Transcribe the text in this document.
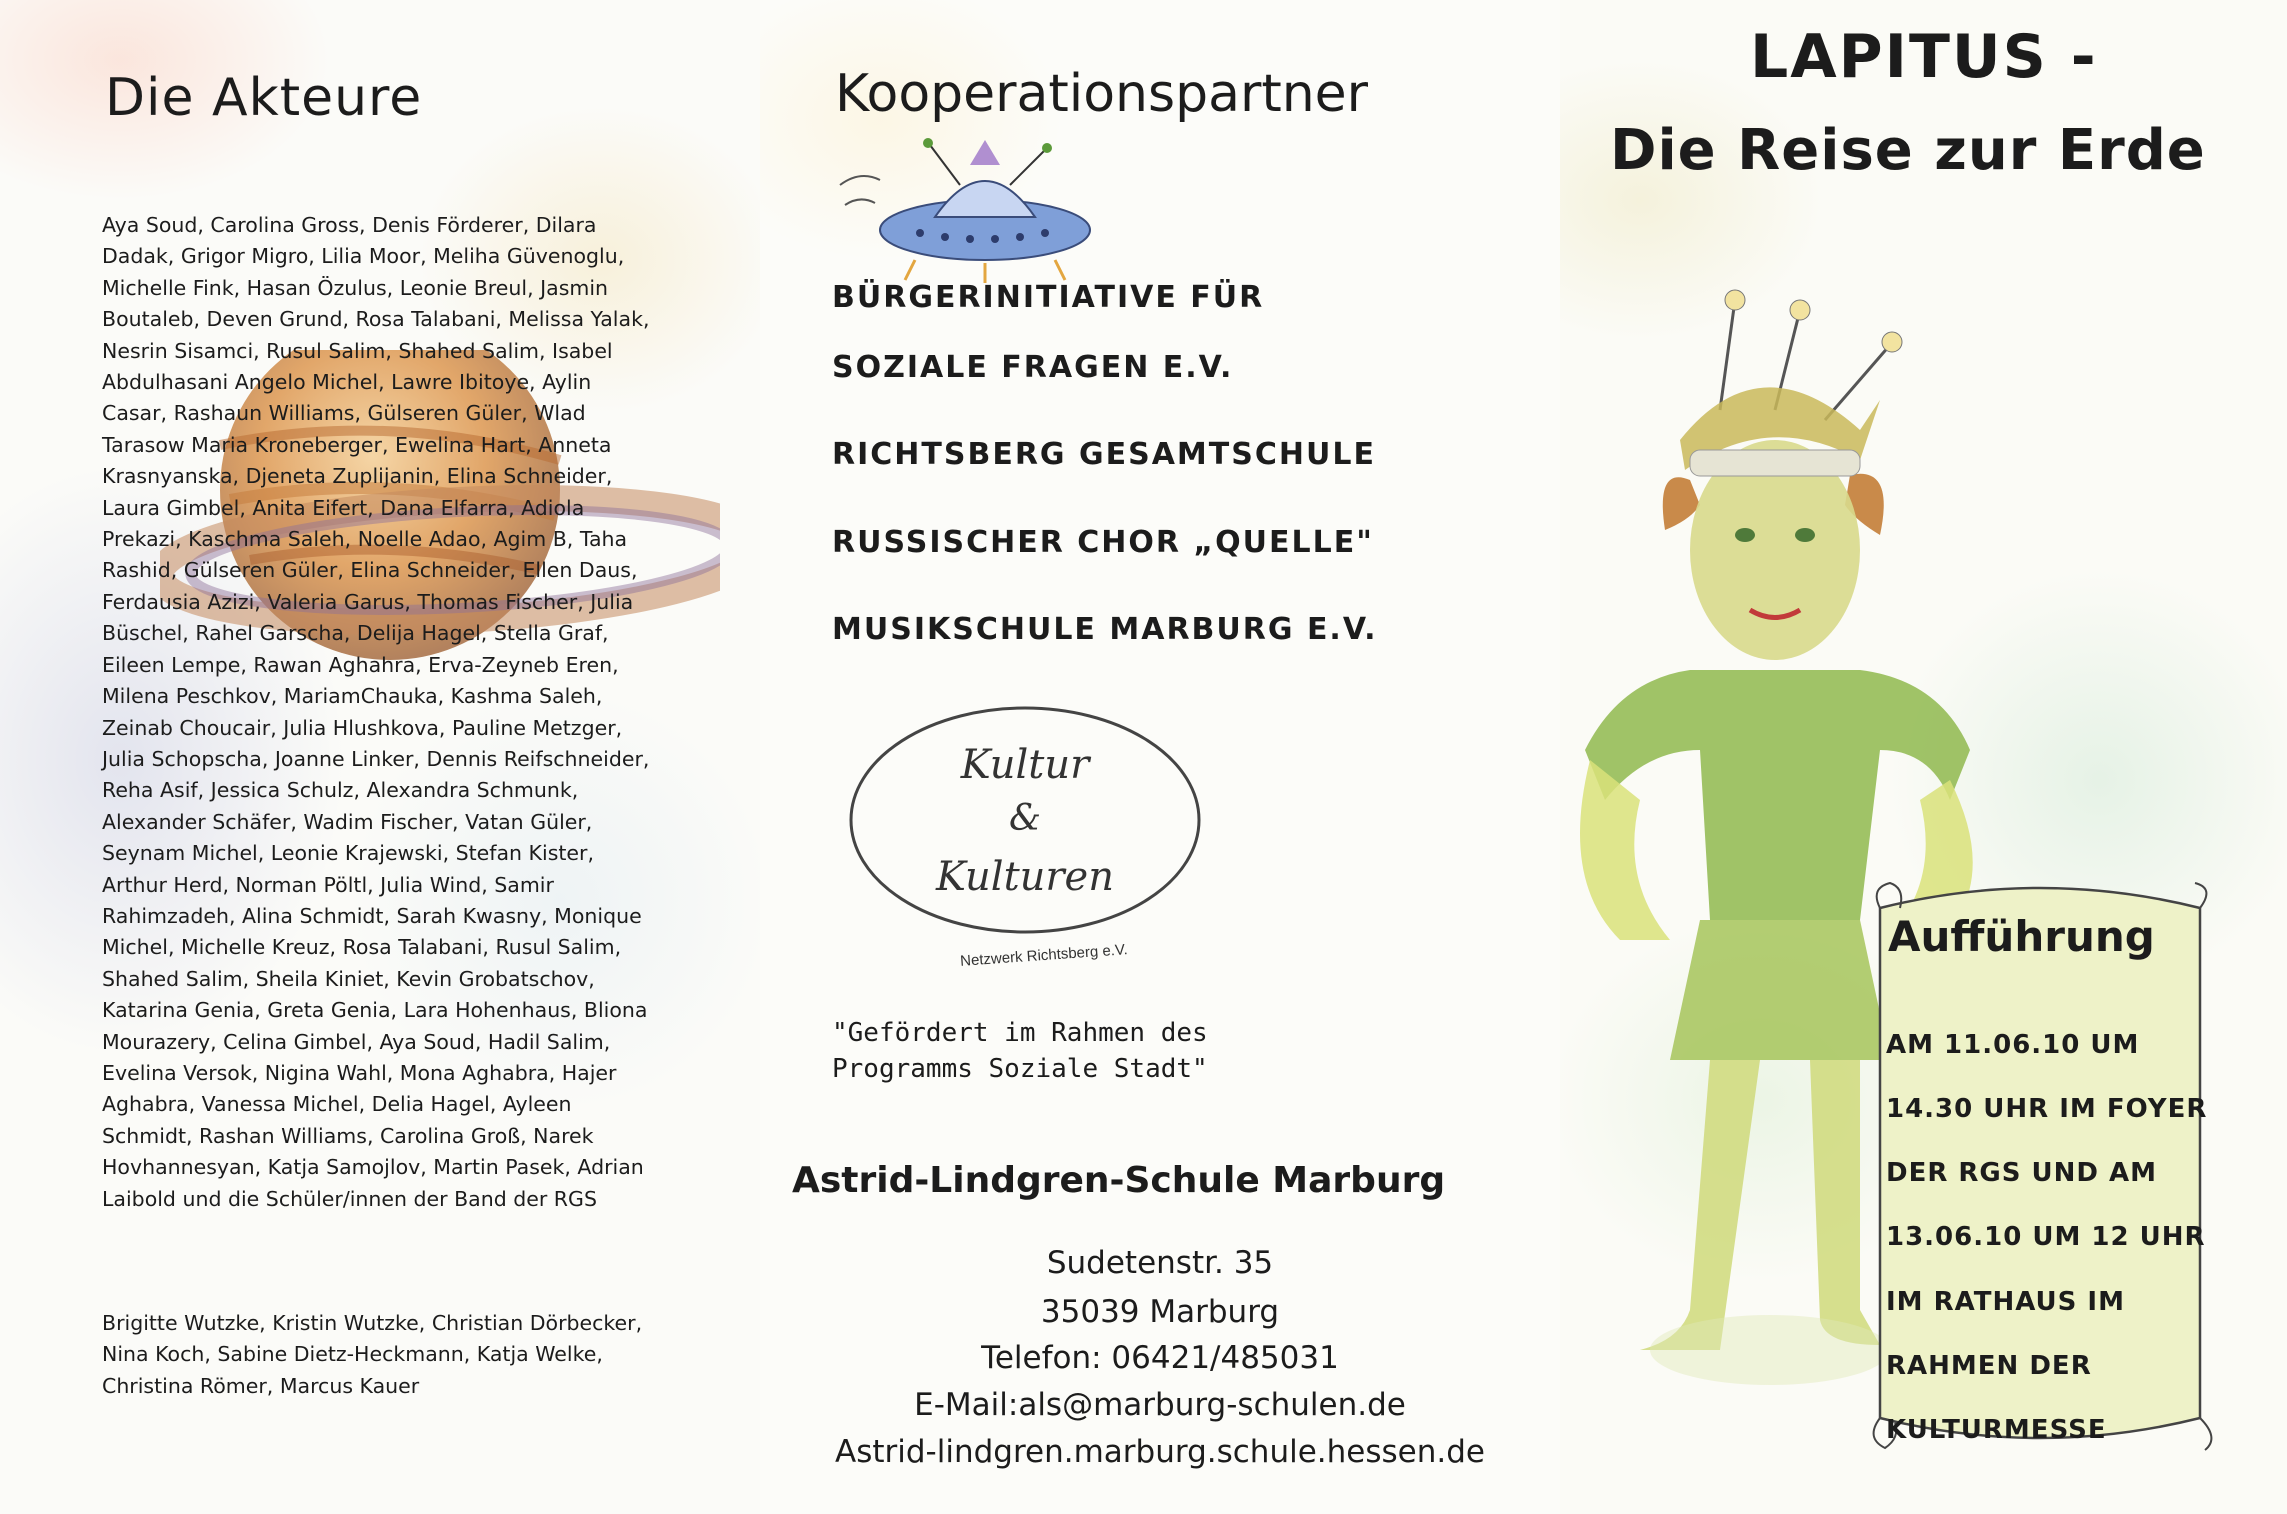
Die Akteure

Aya Soud, Carolina Gross, Denis Förderer, Dilara Dadak, Grigor Migro, Lilia Moor, Meliha Güvenoglu, Michelle Fink, Hasan Özulus, Leonie Breul, Jasmin Boutaleb, Deven Grund, Rosa Talabani, Melissa Yalak, Nesrin Sisamci, Rusul Salim, Shahed Salim, Isabel Abdulhasani Angelo Michel, Lawre Ibitoye, Aylin Casar, Rashaun Williams, Gülseren Güler, Wlad Tarasow Maria Kroneberger, Ewelina Hart, Anneta Krasnyanska, Djeneta Zuplijanin, Elina Schneider, Laura Gimbel, Anita Eifert, Dana Elfarra, Adiola Prekazi, Kaschma Saleh, Noelle Adao, Agim B, Taha Rashid, Gülseren Güler, Elina Schneider, Ellen Daus, Ferdausia Azizi, Valeria Garus, Thomas Fischer, Julia Büschel, Rahel Garscha, Delija Hagel, Stella Graf, Eileen Lempe, Rawan Aghahra, Erva-Zeyneb Eren, Milena Peschkov, MariamChauka, Kashma Saleh, Zeinab Choucair, Julia Hlushkova, Pauline Metzger, Julia Schopscha, Joanne Linker, Dennis Reifschneider, Reha Asif, Jessica Schulz, Alexandra Schmunk, Alexander Schäfer, Wadim Fischer, Vatan Güler, Seynam Michel, Leonie Krajewski, Stefan Kister, Arthur Herd, Norman Pöltl, Julia Wind, Samir Rahimzadeh, Alina Schmidt, Sarah Kwasny, Monique Michel, Michelle Kreuz, Rosa Talabani, Rusul Salim, Shahed Salim, Sheila Kiniet, Kevin Grobatschov, Katarina Genia, Greta Genia, Lara Hohenhaus, Bliona Mourazery, Celina Gimbel, Aya Soud, Hadil Salim, Evelina Versok, Nigina Wahl, Mona Aghabra, Hajer Aghabra, Vanessa Michel, Delia Hagel, Ayleen Schmidt, Rashan Williams, Carolina Groß, Narek Hovhannesyan, Katja Samojlov, Martin Pasek, Adrian Laibold und die Schüler/innen der Band der RGS

Brigitte Wutzke, Kristin Wutzke, Christian Dörbecker, Nina Koch, Sabine Dietz-Heckmann, Katja Welke, Christina Römer, Marcus Kauer

Kooperationspartner

BÜRGERINITIATIVE FÜR

SOZIALE FRAGEN E.V.

RICHTSBERG GESAMTSCHULE

RUSSISCHER CHOR „QUELLE"

MUSIKSCHULE MARBURG E.V.

Kultur
&
Kulturen
Netzwerk Richtsberg e.V.

"Gefördert im Rahmen des
Programms Soziale Stadt"

Astrid-Lindgren-Schule Marburg

Sudetenstr. 35

35039 Marburg

Telefon: 06421/485031

E-Mail:als@marburg-schulen.de

Astrid-lindgren.marburg.schule.hessen.de

LAPITUS -
Die Reise zur Erde
Aufführung

AM 11.06.10 UM

14.30 UHR IM FOYER

DER RGS UND AM

13.06.10 UM 12 UHR

IM RATHAUS IM

RAHMEN DER

KULTURMESSE
